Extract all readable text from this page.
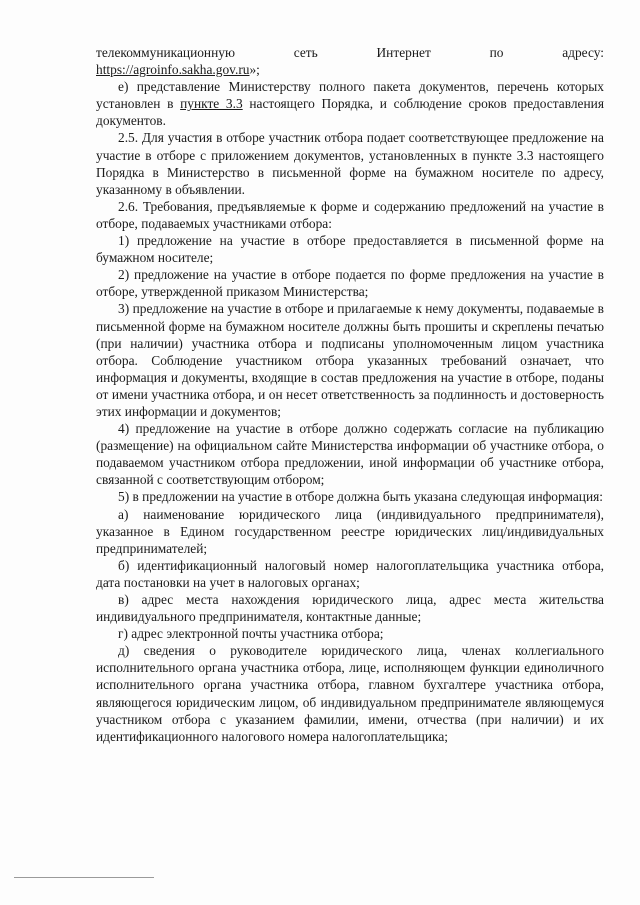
телекоммуникационную	сеть	Интернет	по	адресу:

https://agroinfo.sakha.gov.ru»;

е) представление Министерству полного пакета документов, перечень которых установлен в пункте 3.3 настоящего Порядка, и соблюдение сроков предоставления документов.

2.5. Для участия в отборе участник отбора подает соответствующее предложение на участие в отборе с приложением документов, установленных в пункте 3.3 настоящего Порядка в Министерство в письменной форме на бумажном носителе по адресу, указанному в объявлении.

2.6. Требования, предъявляемые к форме и содержанию предложений на участие в отборе, подаваемых участниками отбора:

1) предложение на участие в отборе предоставляется в письменной форме на бумажном носителе;

2) предложение на участие в отборе подается по форме предложения на участие в отборе, утвержденной приказом Министерства;

3) предложение на участие в отборе и прилагаемые к нему документы, подаваемые в письменной форме на бумажном носителе должны быть прошиты и скреплены печатью (при наличии) участника отбора и подписаны уполномоченным лицом участника отбора. Соблюдение участником отбора указанных требований означает, что информация и документы, входящие в состав предложения на участие в отборе, поданы от имени участника отбора, и он несет ответственность за подлинность и достоверность этих информации и документов;

4) предложение на участие в отборе должно содержать согласие на публикацию (размещение) на официальном сайте Министерства информации об участнике отбора, о подаваемом участником отбора предложении, иной информации об участнике отбора, связанной с соответствующим отбором;

5) в предложении на участие в отборе должна быть указана следующая информация:

а) наименование юридического лица (индивидуального предпринимателя), указанное в Едином государственном реестре юридических лиц/индивидуальных предпринимателей;

б) идентификационный налоговый номер налогоплательщика участника отбора, дата постановки на учет в налоговых органах;

в) адрес места нахождения юридического лица, адрес места жительства индивидуального предпринимателя, контактные данные;

г) адрес электронной почты участника отбора;

д) сведения о руководителе юридического лица, членах коллегиального исполнительного органа участника отбора, лице, исполняющем функции единоличного исполнительного органа участника отбора, главном бухгалтере участника отбора, являющегося юридическим лицом, об индивидуальном предпринимателе являющемуся участником отбора с указанием фамилии, имени, отчества (при наличии) и их идентификационного налогового номера налогоплательщика;
